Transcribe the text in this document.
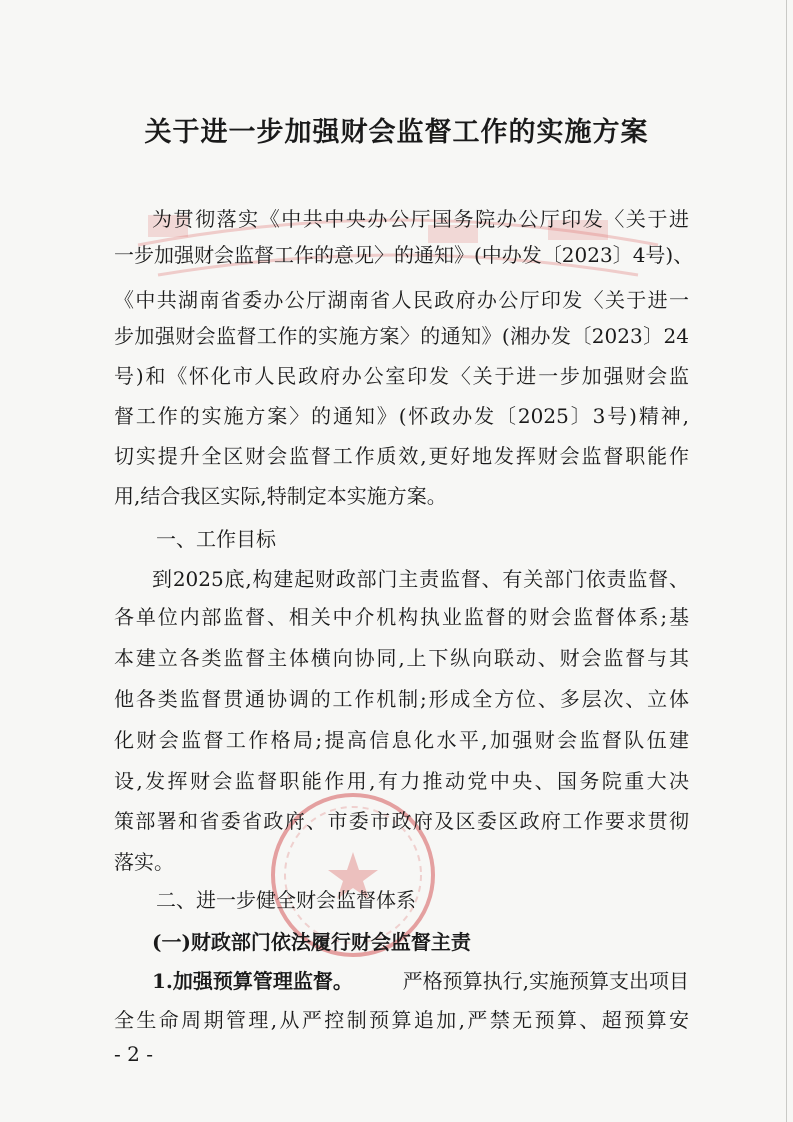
关于进一步加强财会监督工作的实施方案
为贯彻落实《中共中央办公厅国务院办公厅印发〈关于进
一步加强财会监督工作的意见〉的通知》(中办发〔2023〕4号)、
《中共湖南省委办公厅湖南省人民政府办公厅印发〈关于进一
步加强财会监督工作的实施方案〉的通知》(湘办发〔2023〕24
号)和《怀化市人民政府办公室印发〈关于进一步加强财会监
督工作的实施方案〉的通知》(怀政办发〔2025〕3号)精神,
切实提升全区财会监督工作质效,更好地发挥财会监督职能作
用,结合我区实际,特制定本实施方案。
一、工作目标
到2025底,构建起财政部门主责监督、有关部门依责监督、
各单位内部监督、相关中介机构执业监督的财会监督体系;基
本建立各类监督主体横向协同,上下纵向联动、财会监督与其
他各类监督贯通协调的工作机制;形成全方位、多层次、立体
化财会监督工作格局;提高信息化水平,加强财会监督队伍建
设,发挥财会监督职能作用,有力推动党中央、国务院重大决
策部署和省委省政府、市委市政府及区委区政府工作要求贯彻
落实。
二、进一步健全财会监督体系
(一)财政部门依法履行财会监督主责
1.加强预算管理监督。 严格预算执行,实施预算支出项目
全生命周期管理,从严控制预算追加,严禁无预算、超预算安
- 2 -
